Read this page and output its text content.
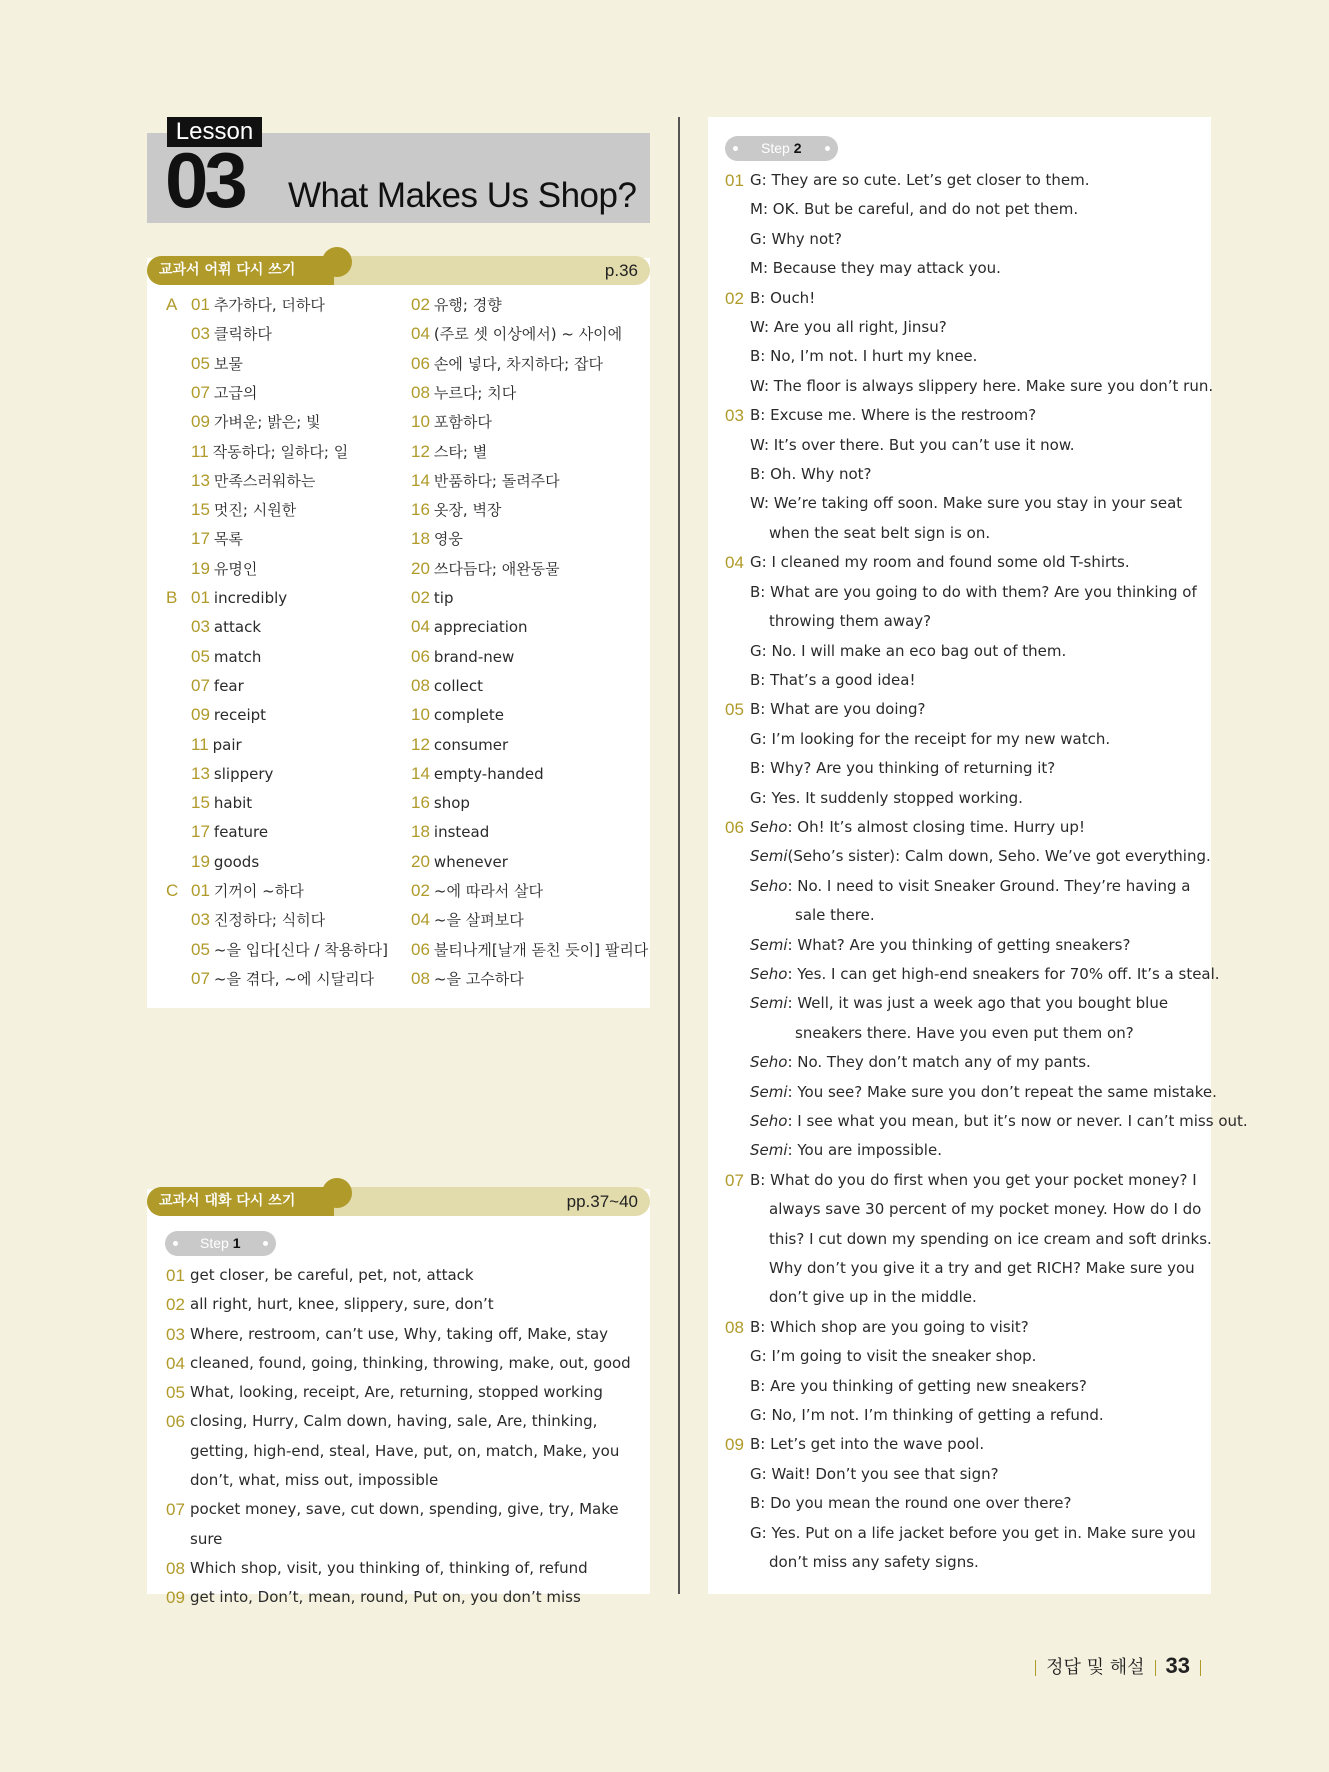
Lesson
03 What Makes Us Shop?
교과서 어휘 다시 쓰기	p.36
A 01 추가하다, 더하다	02 유행; 경향
03 클릭하다	04 (주로 셋 이상에서) ~ 사이에
05 보물	06 손에 넣다, 차지하다; 잡다
07 고급의	08 누르다; 치다
09 가벼운; 밝은; 빛	10 포함하다
11 작동하다; 일하다; 일	12 스타; 별
13 만족스러워하는	14 반품하다; 돌려주다
15 멋진; 시원한	16 옷장, 벽장
17 목록	18 영웅
19 유명인	20 쓰다듬다; 애완동물
B 01 incredibly	02 tip
03 attack	04 appreciation
05 match	06 brand-new
07 fear	08 collect
09 receipt	10 complete
11 pair	12 consumer
13 slippery	14 empty-handed
15 habit	16 shop
17 feature	18 instead
19 goods	20 whenever
C 01 기꺼이 ~하다	02 ~에 따라서 살다
03 진정하다; 식히다	04 ~을 살펴보다
05 ~을 입다[신다 / 착용하다] 06 불티나게[날개 돋친 듯이] 팔리다
07 ~을 겪다, ~에 시달리다 08 ~을 고수하다
교과서 대화 다시 쓰기	pp.37~40
Step 1
01 get closer, be careful, pet, not, attack
02 all right, hurt, knee, slippery, sure, don’t
03 Where, restroom, can’t use, Why, taking off, Make, stay
04 cleaned, found, going, thinking, throwing, make, out, good
05 What, looking, receipt, Are, returning, stopped working
06 closing, Hurry, Calm down, having, sale, Are, thinking, getting, high-end, steal, Have, put, on, match, Make, you don’t, what, miss out, impossible
07 pocket money, save, cut down, spending, give, try, Make sure
08 Which shop, visit, you thinking of, thinking of, refund
09 get into, Don’t, mean, round, Put on, you don’t miss
Step 2
01 G: They are so cute. Let’s get closer to them.
M: OK. But be careful, and do not pet them.
G: Why not?
M: Because they may attack you.
02 B: Ouch!
W: Are you all right, Jinsu?
B: No, I’m not. I hurt my knee.
W: The floor is always slippery here. Make sure you don’t run.
03 B: Excuse me. Where is the restroom?
W: It’s over there. But you can’t use it now.
B: Oh. Why not?
W: We’re taking off soon. Make sure you stay in your seat
when the seat belt sign is on.
04 G: I cleaned my room and found some old T-shirts.
B: What are you going to do with them? Are you thinking of
throwing them away?
G: No. I will make an eco bag out of them.
B: That’s a good idea!
05 B: What are you doing?
G: I’m looking for the receipt for my new watch.
B: Why? Are you thinking of returning it?
G: Yes. It suddenly stopped working.
06 Seho: Oh! It’s almost closing time. Hurry up!
Semi(Seho’s sister): Calm down, Seho. We’ve got everything.
Seho: No. I need to visit Sneaker Ground. They’re having a
sale there.
Semi: What? Are you thinking of getting sneakers?
Seho: Yes. I can get high-end sneakers for 70% off. It’s a steal.
Semi: Well, it was just a week ago that you bought blue
sneakers there. Have you even put them on?
Seho: No. They don’t match any of my pants.
Semi: You see? Make sure you don’t repeat the same mistake.
Seho: I see what you mean, but it’s now or never. I can’t miss out.
Semi: You are impossible.
07 B: What do you do first when you get your pocket money? I
always save 30 percent of my pocket money. How do I do
this? I cut down my spending on ice cream and soft drinks.
Why don’t you give it a try and get RICH? Make sure you
don’t give up in the middle.
08 B: Which shop are you going to visit?
G: I’m going to visit the sneaker shop.
B: Are you thinking of getting new sneakers?
G: No, I’m not. I’m thinking of getting a refund.
09 B: Let’s get into the wave pool.
G: Wait! Don’t you see that sign?
B: Do you mean the round one over there?
G: Yes. Put on a life jacket before you get in. Make sure you
don’t miss any safety signs.
정답 및 해설 33
